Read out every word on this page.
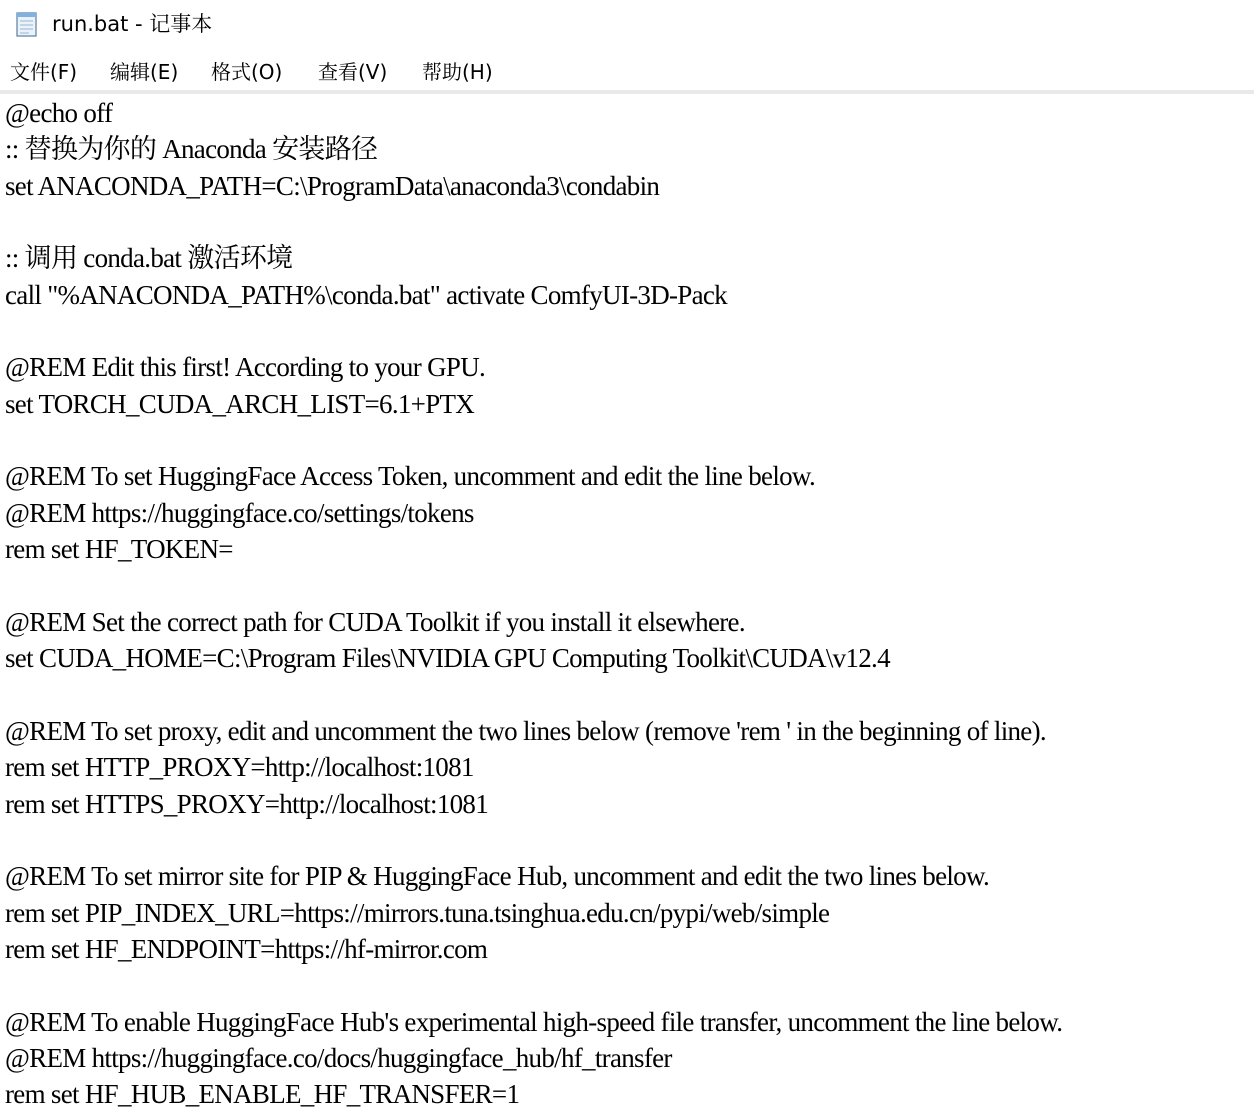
run.bat - 记事本
文件(F) 编辑(E) 格式(O) 查看(V) 帮助(H)
@echo off
:: 替换为你的 Anaconda 安装路径
set ANACONDA_PATH=C:\ProgramData\anaconda3\condabin
:: 调用 conda.bat 激活环境
call "%ANACONDA_PATH%\conda.bat" activate ComfyUI-3D-Pack
@REM Edit this first! According to your GPU.
set TORCH_CUDA_ARCH_LIST=6.1+PTX
@REM To set HuggingFace Access Token, uncomment and edit the line below.
@REM https://huggingface.co/settings/tokens
rem set HF_TOKEN=
@REM Set the correct path for CUDA Toolkit if you install it elsewhere.
set CUDA_HOME=C:\Program Files\NVIDIA GPU Computing Toolkit\CUDA\v12.4
@REM To set proxy, edit and uncomment the two lines below (remove 'rem ' in the beginning of line).
rem set HTTP_PROXY=http://localhost:1081
rem set HTTPS_PROXY=http://localhost:1081
@REM To set mirror site for PIP & HuggingFace Hub, uncomment and edit the two lines below.
rem set PIP_INDEX_URL=https://mirrors.tuna.tsinghua.edu.cn/pypi/web/simple
rem set HF_ENDPOINT=https://hf-mirror.com
@REM To enable HuggingFace Hub's experimental high-speed file transfer, uncomment the line below.
@REM https://huggingface.co/docs/huggingface_hub/hf_transfer
rem set HF_HUB_ENABLE_HF_TRANSFER=1
